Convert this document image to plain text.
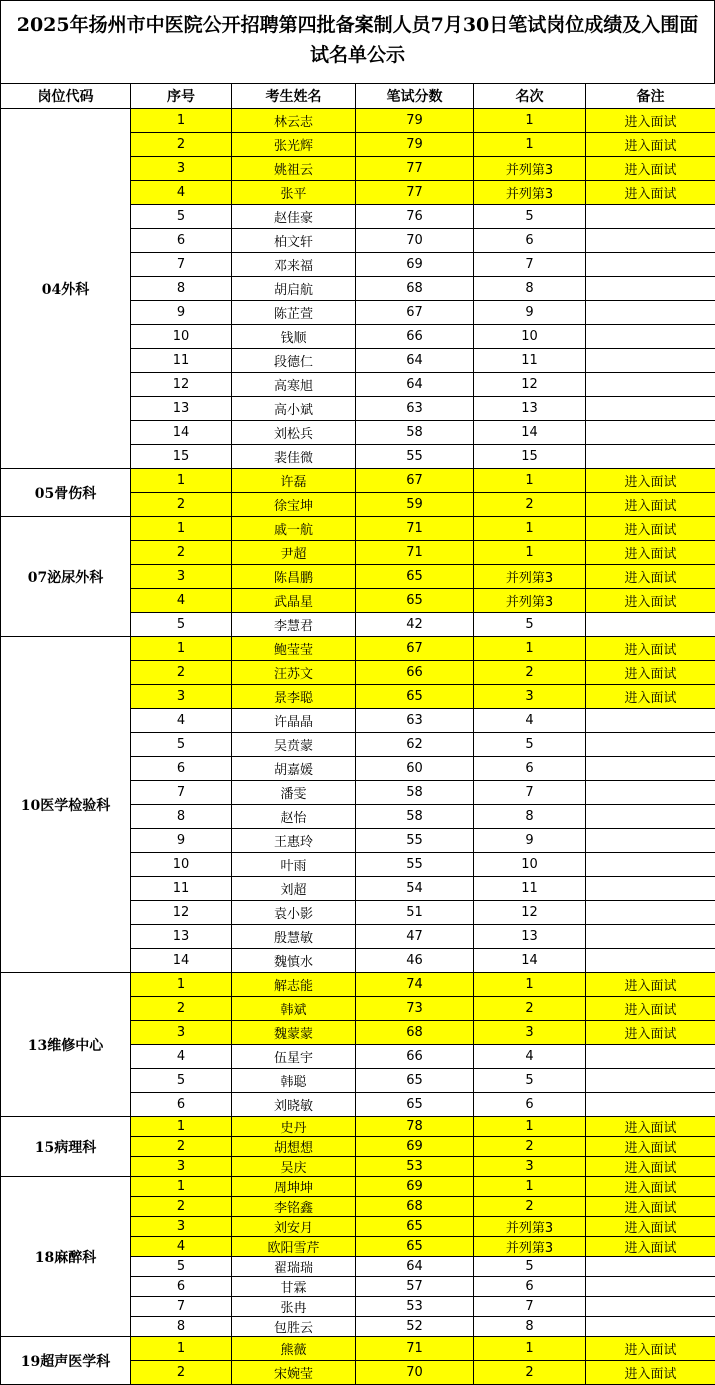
2025年扬州市中医院公开招聘第四批备案制人员7月30日笔试岗位成绩及入围面试名单公示
岗位代码	序号	考生姓名	笔试分数	名次	备注
04外科	1	林云志	79	1	进入面试
	2	张光辉	79	1	进入面试
	3	姚祖云	77	并列第3	进入面试
	4	张平	77	并列第3	进入面试
	5	赵佳豪	76	5	
	6	柏文轩	70	6	
	7	邓来福	69	7	
	8	胡启航	68	8	
	9	陈芷萱	67	9	
	10	钱顺	66	10	
	11	段德仁	64	11	
	12	高寒旭	64	12	
	13	高小斌	63	13	
	14	刘松兵	58	14	
	15	裴佳微	55	15	
05骨伤科	1	许磊	67	1	进入面试
	2	徐宝坤	59	2	进入面试
07泌尿外科	1	戚一航	71	1	进入面试
	2	尹超	71	1	进入面试
	3	陈昌鹏	65	并列第3	进入面试
	4	武晶星	65	并列第3	进入面试
	5	李慧君	42	5	
10医学检验科	1	鲍莹莹	67	1	进入面试
	2	汪苏文	66	2	进入面试
	3	景李聪	65	3	进入面试
	4	许晶晶	63	4	
	5	吴贲蒙	62	5	
	6	胡嘉媛	60	6	
	7	潘雯	58	7	
	8	赵怡	58	8	
	9	王惠玲	55	9	
	10	叶雨	55	10	
	11	刘超	54	11	
	12	袁小影	51	12	
	13	殷慧敏	47	13	
	14	魏慎水	46	14	
13维修中心	1	解志能	74	1	进入面试
	2	韩斌	73	2	进入面试
	3	魏蒙蒙	68	3	进入面试
	4	伍星宇	66	4	
	5	韩聪	65	5	
	6	刘晓敏	65	6	
15病理科	1	史丹	78	1	进入面试
	2	胡想想	69	2	进入面试
	3	吴庆	53	3	进入面试
18麻醉科	1	周坤坤	69	1	进入面试
	2	李铭鑫	68	2	进入面试
	3	刘安月	65	并列第3	进入面试
	4	欧阳雪芹	65	并列第3	进入面试
	5	翟瑞瑞	64	5	
	6	甘霖	57	6	
	7	张冉	53	7	
	8	包胜云	52	8	
19超声医学科	1	熊薇	71	1	进入面试
	2	宋婉莹	70	2	进入面试
